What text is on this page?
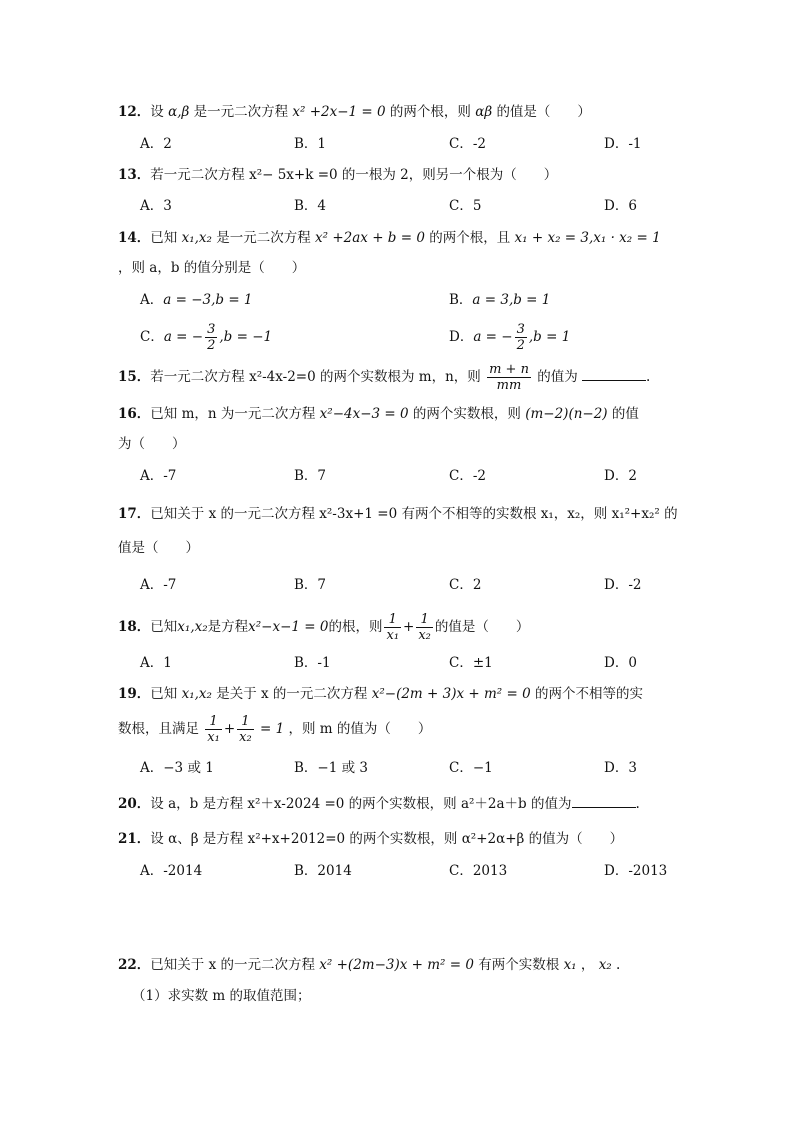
12．设 α,β 是一元二次方程 x² +2x−1 = 0 的两个根，则 αβ 的值是（　　）
A．2	B．1	C．-2	D．-1
13．若一元二次方程 x²− 5x+k =0 的一根为 2，则另一个根为（　　）
A．3	B．4	C．5	D．6
14．已知 x₁,x₂ 是一元二次方程 x² +2ax + b = 0 的两个根，且 x₁ + x₂ = 3,x₁ · x₂ = 1
，则 a，b 的值分别是（　　）
A．a = −3,b = 1	B．a = 3,b = 1
C．a = − $\frac{3}{2} ,b = -1$	D．a = − $\frac{3}{2} ,b = 1$
15．若一元二次方程 x²-4x-2=0 的两个实数根为 m，n，则 $\frac{m + n}{mm}$ 的值为	.
16．已知 m，n 为一元二次方程 x²−4x−3 = 0 的两个实数根，则 (m−2)(n−2) 的值
为（　　）
A．-7	B．7	C．-2	D．2
17．已知关于 x 的一元二次方程 x²-3x+1 =0 有两个不相等的实数根 x₁，x₂，则 x₁²+x₂² 的
值是（　　）
A．-7	B．7	C．2	D．-2
18．已知x₁,x₂是方程x²−x−1 = 0的根，则 $\frac{1}{\text{x₁}} + \frac{1}{\text{x₂}}$ 的值是（　　）
A．1	B．-1	C．±1	D．0
19．已知 x₁,x₂ 是关于 x 的一元二次方程 x²−(2m + 3)x + m² = 0 的两个不相等的实
数根，且满足 $\frac{1}{\text{x₁}} + \frac{1}{\text{x₂}} = 1$ ，则 m 的值为（　　）
A．−3 或 1	B．−1 或 3	C．−1	D．3
20．设 a，b 是方程 x²＋x-2024 =0 的两个实数根，则 a²＋2a＋b 的值为	.
21．设 α、β 是方程 x²+x+2012=0 的两个实数根，则 α²+2α+β 的值为（　　）
A．-2014	B．2014	C．2013	D．-2013
22．已知关于 x 的一元二次方程 x² +(2m−3)x + m² = 0 有两个实数根 x₁ ， x₂ .
（1）求实数 m 的取值范围；
